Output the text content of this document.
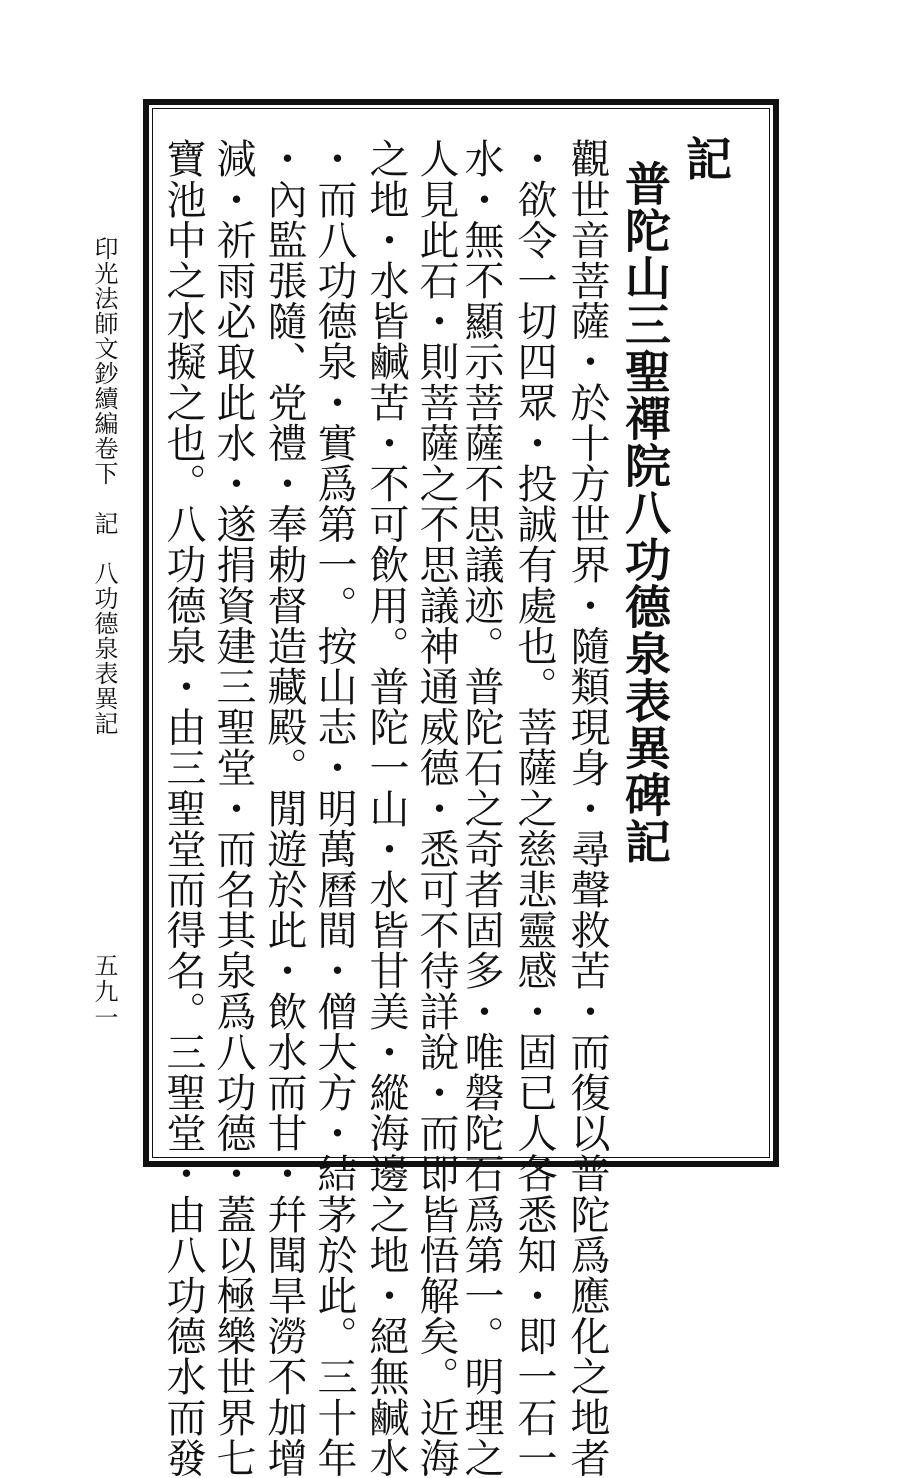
記
普陀山三聖禪院八功德泉表異碑記
觀世音菩薩・於十方世界・隨類現身・尋聲救苦・而復以普陀爲應化之地者
・欲令一切四眾・投誠有處也。菩薩之慈悲靈感・固已人各悉知・即一石一
水・無不顯示菩薩不思議迹。普陀石之奇者固多・唯磐陀石爲第一。明理之
人見此石・則菩薩之不思議神通威德・悉可不待詳說・而即皆悟解矣。近海
之地・水皆鹹苦・不可飲用。普陀一山・水皆甘美・縱海邊之地・絕無鹹水
・而八功德泉・實爲第一。按山志・明萬曆間・僧大方・結茅於此。三十年
・內監張隨、党禮・奉勅督造藏殿。閒遊於此・飲水而甘・幷聞旱澇不加增
減・祈雨必取此水・遂捐資建三聖堂・而名其泉爲八功德・蓋以極樂世界七
寶池中之水擬之也。八功德泉・由三聖堂而得名。三聖堂・由八功德水而發
印光法師文鈔續編卷下　記　八功德泉表異記
五九一
